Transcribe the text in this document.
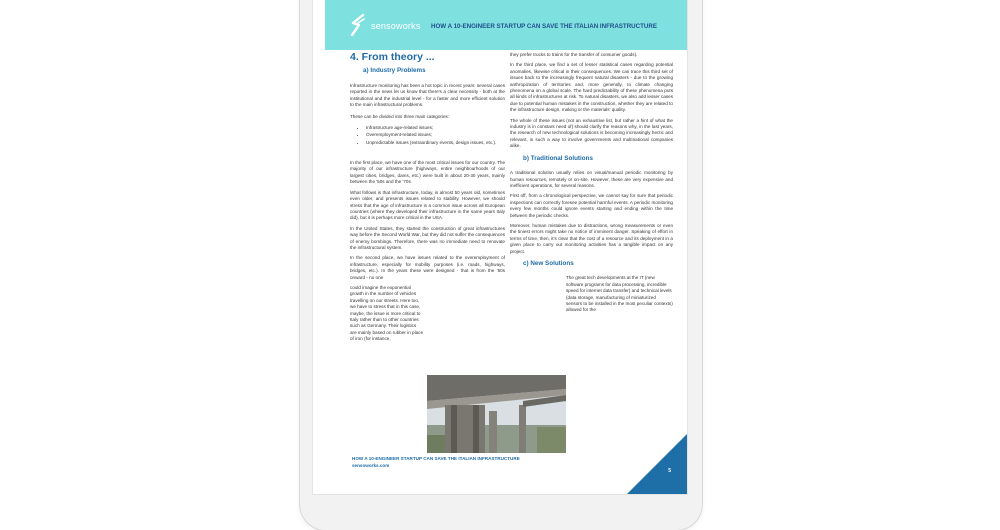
sensoworks HOW A 10-ENGINEER STARTUP CAN SAVE THE ITALIAN INFRASTRUCTURE
4. From theory ...
a) Industry Problems

Infrastructure monitoring has been a hot topic in recent years: several cases reported in the news let us know that there's a clear necessity - both at the institutional and the industrial level - for a faster and more efficient solution to the main infrastructural problems.

These can be divided into three main categories:

• Infrastructure age-related issues;
• Overemployment-related issues;
• Unpredictable issues (extraordinary events, design issues, etc.).

In the first place, we have one of the most critical issues for our country. The majority of our infrastructure (highways, entire neighbourhoods of our largest cities, bridges, dams, etc.) were built in about 20-30 years, mainly between the '50s and the '70s.

What follows is that infrastructure, today, is almost 50 years old, sometimes even older, and presents issues related to stability. However, we should stress that the age of infrastructure is a common issue across all European countries (where they developed their infrastructure in the same years Italy did), but it is perhaps more critical in the USA.

In the United States, they started the construction of great infrastructures way before the Second World War, but they did not suffer the consequences of enemy bombings. Therefore, there was no immediate need to renovate the infrastructural system.

In the second place, we have issues related to the overemployment of infrastructure, especially for mobility purposes (i.e. roads, highways, bridges, etc.). In the years these were designed - that is from the '50s onward - no one

could imagine the exponential growth in the number of vehicles travelling on our streets. Here too, we have to stress that in this case, maybe, the issue is more critical to Italy rather than to other countries such as Germany. Their logistics are mainly based on rubber in place of iron (for instance,

they prefer trucks to trains for the transfer of consumer goods).

In the third place, we find a set of lesser statistical cases regarding potential anomalies, likewise critical in their consequences. We can trace this third set of issues back to the increasingly frequent natural disasters - due to the growing anthropization of territories and, more generally, to climate changing phenomena on a global scale. The hard predictability of these phenomena puts all kinds of infrastructures at risk. To natural disasters, we also add lesser cases due to potential human mistakes in the construction, whether they are related to the infrastructure design, making or the materials' quality.

The whole of these issues (not an exhaustive list, but rather a hint of what the industry is in constant need of) should clarify the reasons why, in the last years, the research of new technological solutions is becoming increasingly hectic and relevant, in such a way to involve governments and multinational companies alike.

b) Traditional Solutions

A traditional solution usually relies on visual/manual periodic monitoring by human resources, remotely or on-site. However, these are very expensive and inefficient operations, for several reasons.

First off, from a chronological perspective, we cannot say for sure that periodic inspections can correctly foresee potential harmful events. A periodic monitoring every few months could ignore events starting and ending within the time between the periodic checks.

Moreover, human mistakes due to distractions, wrong measurements or even the tiniest errors might take no notice of imminent danger. Speaking of effort in terms of time, then, it's clear that the cost of a resource and its deployment in a given place to carry out monitoring activities has a tangible impact on any project.

c) New Solutions

The great tech developments at the IT (new software programs for data processing, incredible speed for internet data transfer) and technical levels (data storage, manufacturing of miniaturized sensors to be installed in the most peculiar contexts) allowed for the

HOW A 10-ENGINEER STARTUP CAN SAVE THE ITALIAN INFRASTRUCTURE
sensoworks.com
5
